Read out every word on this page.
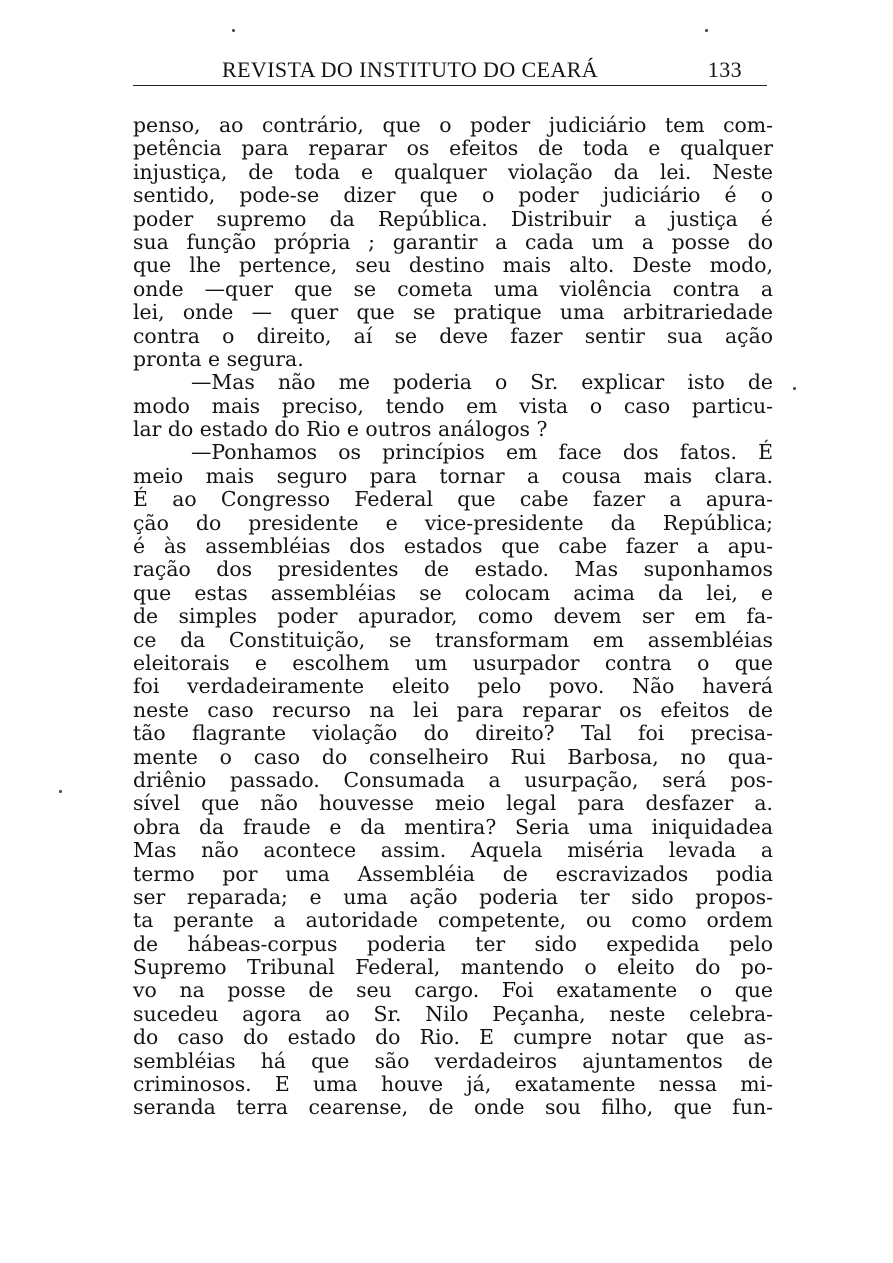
REVISTA DO INSTITUTO DO CEARÁ	133
penso, ao contrário, que o poder judiciário tem com-
petência para reparar os efeitos de toda e qualquer
injustiça, de toda e qualquer violação da lei. Neste
sentido, pode-se dizer que o poder judiciário é o
poder supremo da República. Distribuir a justiça é
sua função própria ; garantir a cada um a posse do
que lhe pertence, seu destino mais alto. Deste modo,
onde —quer que se cometa uma violência contra a
lei, onde — quer que se pratique uma arbitrariedade
contra o direito, aí se deve fazer sentir sua ação
pronta e segura.
—Mas não me poderia o Sr. explicar isto de
modo mais preciso, tendo em vista o caso particu-
lar do estado do Rio e outros análogos ?
—Ponhamos os princípios em face dos fatos. É
meio mais seguro para tornar a cousa mais clara.
É ao Congresso Federal que cabe fazer a apura-
ção do presidente e vice-presidente da República;
é às assembléias dos estados que cabe fazer a apu-
ração dos presidentes de estado. Mas suponhamos
que estas assembléias se colocam acima da lei, e
de simples poder apurador, como devem ser em fa-
ce da Constituição, se transformam em assembléias
eleitorais e escolhem um usurpador contra o que
foi verdadeiramente eleito pelo povo. Não haverá
neste caso recurso na lei para reparar os efeitos de
tão flagrante violação do direito? Tal foi precisa-
mente o caso do conselheiro Rui Barbosa, no qua-
driênio passado. Consumada a usurpação, será pos-
sível que não houvesse meio legal para desfazer a.
obra da fraude e da mentira? Seria uma iniquidadea
Mas não acontece assim. Aquela miséria levada a
termo por uma Assembléia de escravizados podia
ser reparada; e uma ação poderia ter sido propos-
ta perante a autoridade competente, ou como ordem
de hábeas-corpus poderia ter sido expedida pelo
Supremo Tribunal Federal, mantendo o eleito do po-
vo na posse de seu cargo. Foi exatamente o que
sucedeu agora ao Sr. Nilo Peçanha, neste celebra-
do caso do estado do Rio. E cumpre notar que as-
sembléias há que são verdadeiros ajuntamentos de
criminosos. E uma houve já, exatamente nessa mi-
seranda terra cearense, de onde sou filho, que fun-
